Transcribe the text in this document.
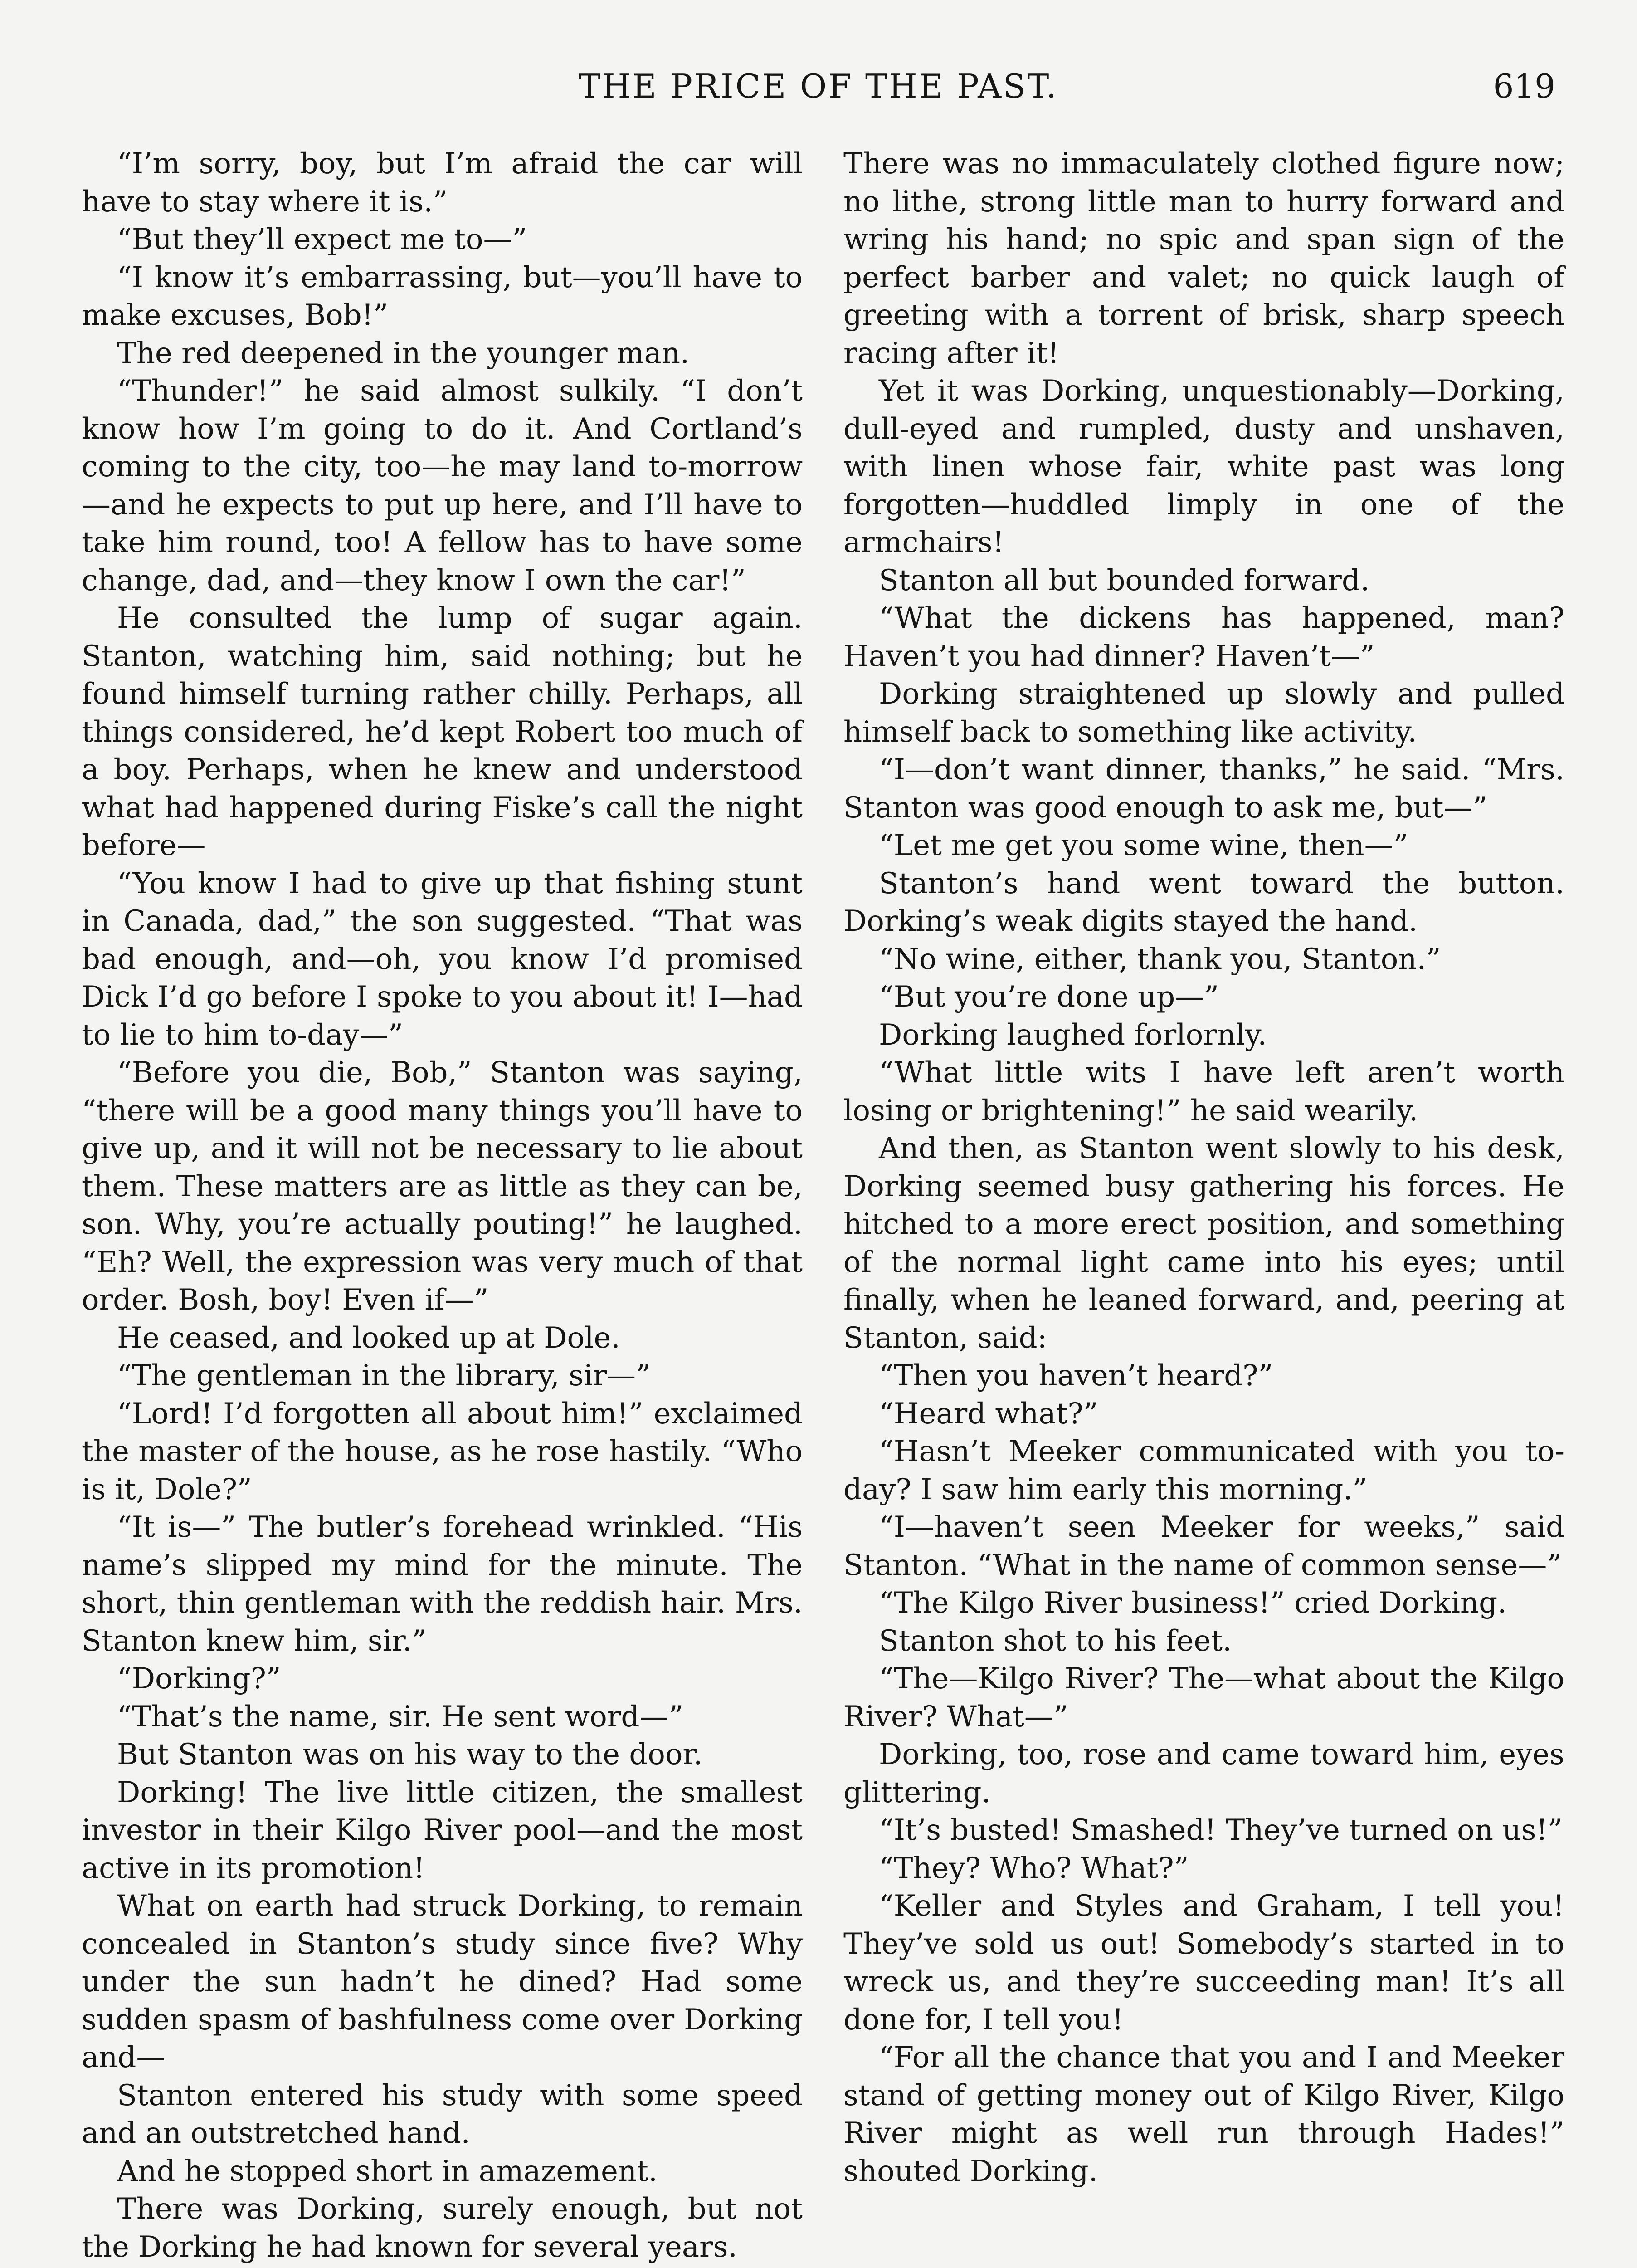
THE PRICE OF THE PAST.	619

“I’m sorry, boy, but I’m afraid the car will have to stay where it is.”

“But they’ll expect me to—”

“I know it’s embarrassing, but—you’ll have to make excuses, Bob!”

The red deepened in the younger man.

“Thunder!” he said almost sulkily. “I don’t know how I’m going to do it. And Cortland’s coming to the city, too—he may land to-morrow—and he expects to put up here, and I’ll have to take him round, too! A fellow has to have some change, dad, and—they know I own the car!”

He consulted the lump of sugar again. Stanton, watching him, said nothing; but he found himself turning rather chilly. Perhaps, all things considered, he’d kept Robert too much of a boy. Perhaps, when he knew and understood what had happened during Fiske’s call the night before—

“You know I had to give up that fishing stunt in Canada, dad,” the son suggested. “That was bad enough, and—oh, you know I’d promised Dick I’d go before I spoke to you about it! I—had to lie to him to-day—”

“Before you die, Bob,” Stanton was saying, “there will be a good many things you’ll have to give up, and it will not be necessary to lie about them. These matters are as little as they can be, son. Why, you’re actually pouting!” he laughed. “Eh? Well, the expression was very much of that order. Bosh, boy! Even if—”

He ceased, and looked up at Dole.

“The gentleman in the library, sir—”

“Lord! I’d forgotten all about him!” exclaimed the master of the house, as he rose hastily. “Who is it, Dole?”

“It is—” The butler’s forehead wrinkled. “His name’s slipped my mind for the minute. The short, thin gentleman with the reddish hair. Mrs. Stanton knew him, sir.”

“Dorking?”

“That’s the name, sir. He sent word—”

But Stanton was on his way to the door.

Dorking! The live little citizen, the smallest investor in their Kilgo River pool—and the most active in its promotion!

What on earth had struck Dorking, to remain concealed in Stanton’s study since five? Why under the sun hadn’t he dined? Had some sudden spasm of bashfulness come over Dorking and—

Stanton entered his study with some speed and an outstretched hand.

And he stopped short in amazement.

There was Dorking, surely enough, but not the Dorking he had known for several years.

There was no immaculately clothed figure now; no lithe, strong little man to hurry forward and wring his hand; no spic and span sign of the perfect barber and valet; no quick laugh of greeting with a torrent of brisk, sharp speech racing after it!

Yet it was Dorking, unquestionably—Dorking, dull-eyed and rumpled, dusty and unshaven, with linen whose fair, white past was long forgotten—huddled limply in one of the armchairs!

Stanton all but bounded forward.

“What the dickens has happened, man? Haven’t you had dinner? Haven’t—”

Dorking straightened up slowly and pulled himself back to something like activity.

“I—don’t want dinner, thanks,” he said. “Mrs. Stanton was good enough to ask me, but—”

“Let me get you some wine, then—”

Stanton’s hand went toward the button. Dorking’s weak digits stayed the hand.

“No wine, either, thank you, Stanton.”

“But you’re done up—”

Dorking laughed forlornly.

“What little wits I have left aren’t worth losing or brightening!” he said wearily.

And then, as Stanton went slowly to his desk, Dorking seemed busy gathering his forces. He hitched to a more erect position, and something of the normal light came into his eyes; until finally, when he leaned forward, and, peering at Stanton, said:

“Then you haven’t heard?”

“Heard what?”

“Hasn’t Meeker communicated with you to-day? I saw him early this morning.”

“I—haven’t seen Meeker for weeks,” said Stanton. “What in the name of common sense—”

“The Kilgo River business!” cried Dorking.

Stanton shot to his feet.

“The—Kilgo River? The—what about the Kilgo River? What—”

Dorking, too, rose and came toward him, eyes glittering.

“It’s busted! Smashed! They’ve turned on us!”

“They? Who? What?”

“Keller and Styles and Graham, I tell you! They’ve sold us out! Somebody’s started in to wreck us, and they’re succeeding man! It’s all done for, I tell you!

“For all the chance that you and I and Meeker stand of getting money out of Kilgo River, Kilgo River might as well run through Hades!” shouted Dorking.
